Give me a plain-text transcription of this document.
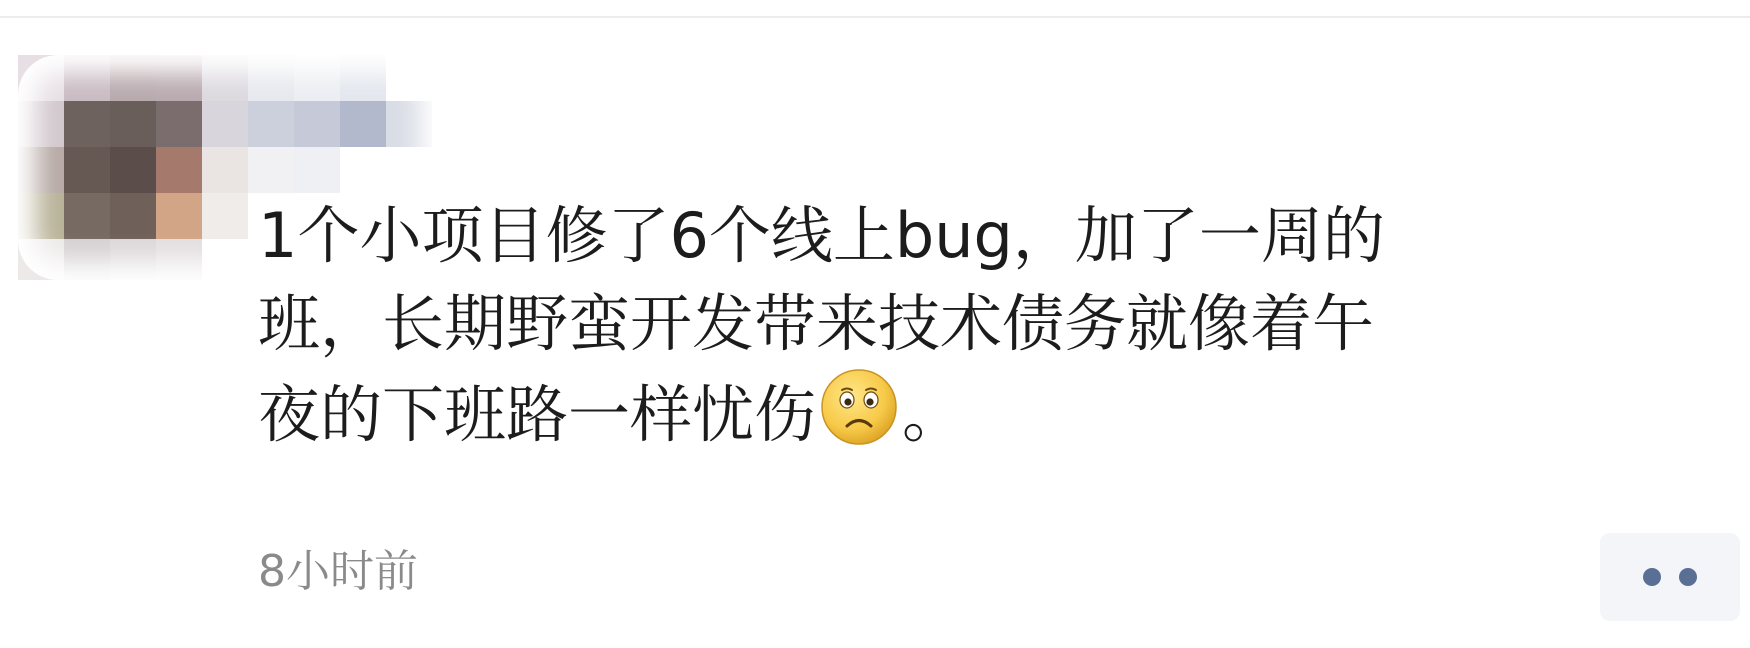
1个小项目修了6个线上bug，加了一周的
班，长期野蛮开发带来技术债务就像着午
夜的下班路一样忧伤 。

8小时前
